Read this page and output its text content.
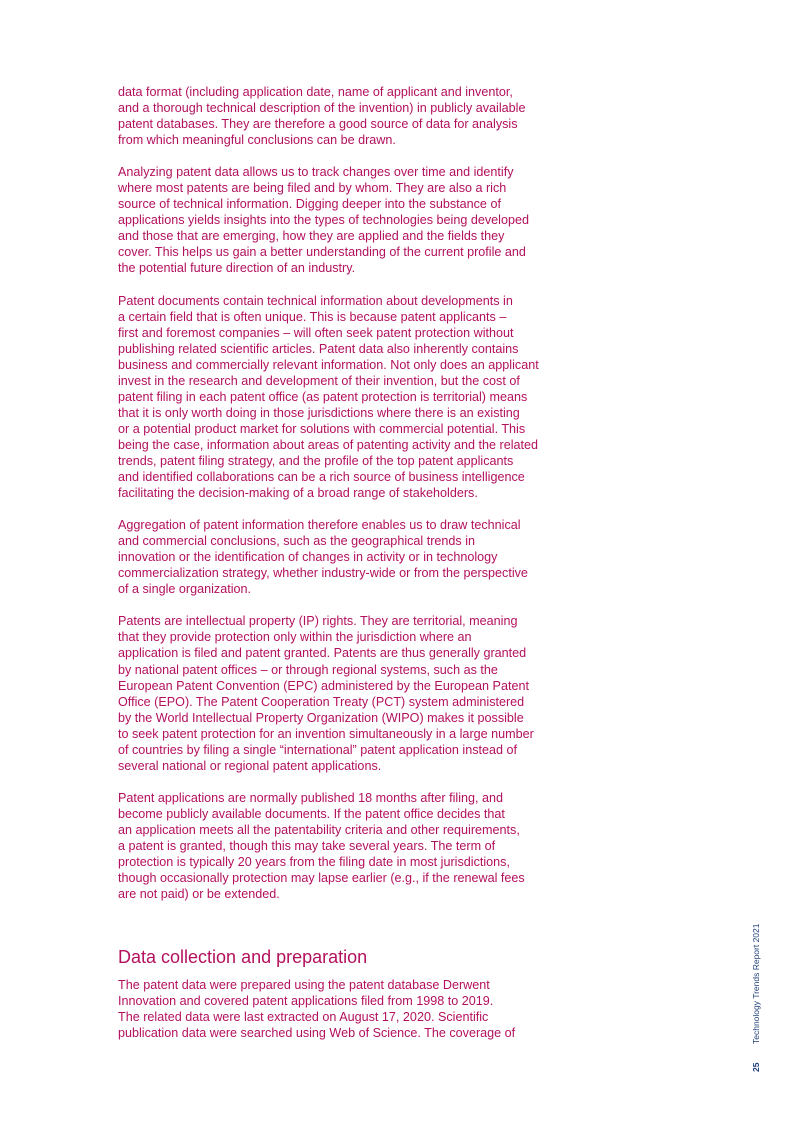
data format (including application date, name of applicant and inventor,
and a thorough technical description of the invention) in publicly available
patent databases. They are therefore a good source of data for analysis
from which meaningful conclusions can be drawn.

Analyzing patent data allows us to track changes over time and identify
where most patents are being filed and by whom. They are also a rich
source of technical information. Digging deeper into the substance of
applications yields insights into the types of technologies being developed
and those that are emerging, how they are applied and the fields they
cover. This helps us gain a better understanding of the current profile and
the potential future direction of an industry.

Patent documents contain technical information about developments in
a certain field that is often unique. This is because patent applicants –
first and foremost companies – will often seek patent protection without
publishing related scientific articles. Patent data also inherently contains
business and commercially relevant information. Not only does an applicant
invest in the research and development of their invention, but the cost of
patent filing in each patent office (as patent protection is territorial) means
that it is only worth doing in those jurisdictions where there is an existing
or a potential product market for solutions with commercial potential. This
being the case, information about areas of patenting activity and the related
trends, patent filing strategy, and the profile of the top patent applicants
and identified collaborations can be a rich source of business intelligence
facilitating the decision-making of a broad range of stakeholders.

Aggregation of patent information therefore enables us to draw technical
and commercial conclusions, such as the geographical trends in
innovation or the identification of changes in activity or in technology
commercialization strategy, whether industry-wide or from the perspective
of a single organization.

Patents are intellectual property (IP) rights. They are territorial, meaning
that they provide protection only within the jurisdiction where an
application is filed and patent granted. Patents are thus generally granted
by national patent offices – or through regional systems, such as the
European Patent Convention (EPC) administered by the European Patent
Office (EPO). The Patent Cooperation Treaty (PCT) system administered
by the World Intellectual Property Organization (WIPO) makes it possible
to seek patent protection for an invention simultaneously in a large number
of countries by filing a single “international” patent application instead of
several national or regional patent applications.

Patent applications are normally published 18 months after filing, and
become publicly available documents. If the patent office decides that
an application meets all the patentability criteria and other requirements,
a patent is granted, though this may take several years. The term of
protection is typically 20 years from the filing date in most jurisdictions,
though occasionally protection may lapse earlier (e.g., if the renewal fees
are not paid) or be extended.

Data collection and preparation

The patent data were prepared using the patent database Derwent
Innovation and covered patent applications filed from 1998 to 2019.
The related data were last extracted on August 17, 2020. Scientific
publication data were searched using Web of Science. The coverage of	Technology Trends Report 2021
25
